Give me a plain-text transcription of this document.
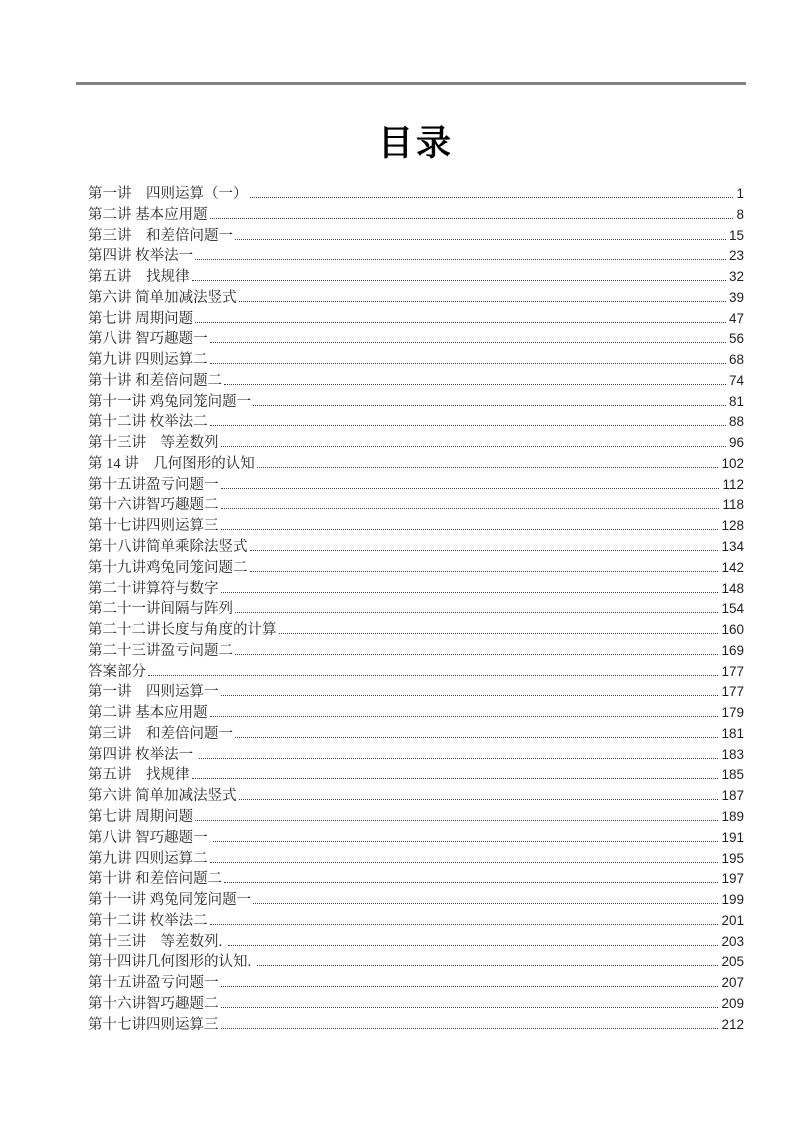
目录
第一讲　四则运算（一）	1
第二讲 基本应用题	8
第三讲　和差倍问题一	15
第四讲 枚举法一	23
第五讲　找规律	32
第六讲 简单加减法竖式	39
第七讲 周期问题	47
第八讲 智巧趣题一	56
第九讲 四则运算二	68
第十讲 和差倍问题二	74
第十一讲 鸡兔同笼问题一	81
第十二讲 枚举法二	88
第十三讲　等差数列	96
第 14 讲　几何图形的认知	102
第十五讲盈亏问题一	112
第十六讲智巧趣题二	118
第十七讲四则运算三	128
第十八讲简单乘除法竖式	134
第十九讲鸡兔同笼问题二	142
第二十讲算符与数字	148
第二十一讲间隔与阵列	154
第二十二讲长度与角度的计算	160
第二十三讲盈亏问题二	169
答案部分	177
第一讲　四则运算一	177
第二讲 基本应用题	179
第三讲　和差倍问题一	181
第四讲 枚举法一	183
第五讲　找规律	185
第六讲 简单加减法竖式	187
第七讲 周期问题	189
第八讲 智巧趣题一	191
第九讲 四则运算二	195
第十讲 和差倍问题二	197
第十一讲 鸡兔同笼问题一	199
第十二讲 枚举法二	201
第十三讲　等差数列.	203
第十四讲几何图形的认知.	205
第十五讲盈亏问题一	207
第十六讲智巧趣题二	209
第十七讲四则运算三	212
